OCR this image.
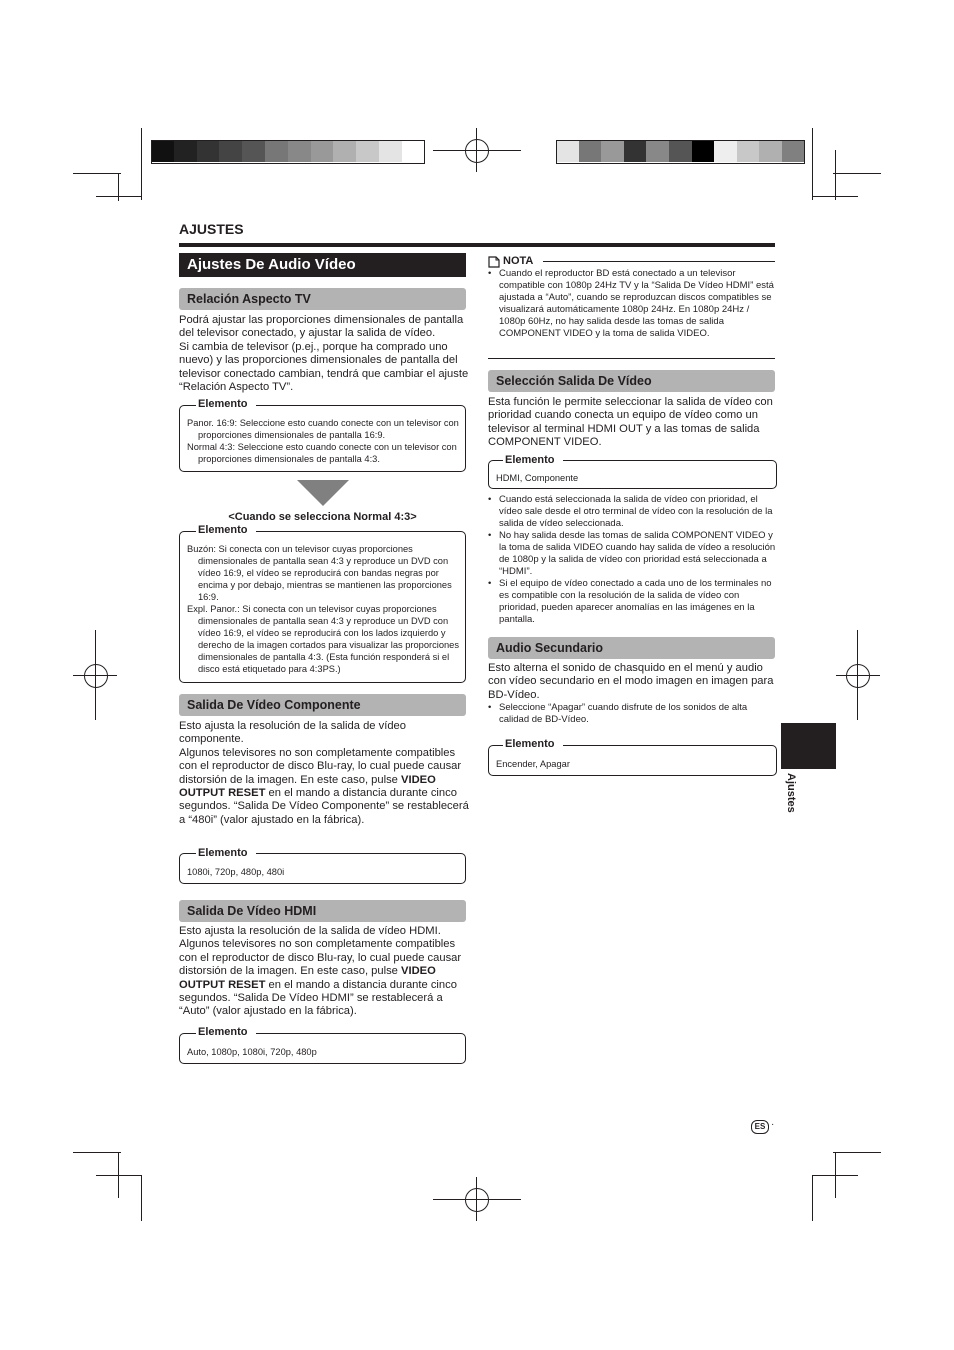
AJUSTES
Ajustes De Audio Vídeo
Relación Aspecto TV
Podrá ajustar las proporciones dimensionales de pantalla del televisor conectado, y ajustar la salida de vídeo.
Si cambia de televisor (p.ej., porque ha comprado uno nuevo) y las proporciones dimensionales de pantalla del televisor conectado cambian, tendrá que cambiar el ajuste “Relación Aspecto TV”.
Elemento
Panor. 16:9: Seleccione esto cuando conecte con un televisor con proporciones dimensionales de pantalla 16:9.
Normal 4:3: Seleccione esto cuando conecte con un televisor con proporciones dimensionales de pantalla 4:3.
<Cuando se selecciona Normal 4:3>
Elemento
Buzón: Si conecta con un televisor cuyas proporciones dimensionales de pantalla sean 4:3 y reproduce un DVD con vídeo 16:9, el vídeo se reproducirá con bandas negras por encima y por debajo, mientras se mantienen las proporciones 16:9.
Expl. Panor.: Si conecta con un televisor cuyas proporciones dimensionales de pantalla sean 4:3 y reproduce un DVD con vídeo 16:9, el vídeo se reproducirá con los lados izquierdo y derecho de la imagen cortados para visualizar las proporciones dimensionales de pantalla 4:3. (Esta función responderá si el disco está etiquetado para 4:3PS.)
Salida De Vídeo Componente
Esto ajusta la resolución de la salida de vídeo componente.
Algunos televisores no son completamente compatibles con el reproductor de disco Blu-ray, lo cual puede causar distorsión de la imagen. En este caso, pulse VIDEO OUTPUT RESET en el mando a distancia durante cinco segundos. “Salida De Vídeo Componente” se restablecerá a “480i” (valor ajustado en la fábrica).
Elemento
1080i, 720p, 480p, 480i
Salida De Vídeo HDMI
Esto ajusta la resolución de la salida de vídeo HDMI.
Algunos televisores no son completamente compatibles con el reproductor de disco Blu-ray, lo cual puede causar distorsión de la imagen. En este caso, pulse VIDEO OUTPUT RESET en el mando a distancia durante cinco segundos. “Salida De Vídeo HDMI” se restablecerá a “Auto” (valor ajustado en la fábrica).
Elemento
Auto, 1080p, 1080i, 720p, 480p
NOTA
• Cuando el reproductor BD está conectado a un televisor compatible con 1080p 24Hz TV y la “Salida De Vídeo HDMI” está ajustada a “Auto”, cuando se reproduzcan discos compatibles se visualizará automáticamente 1080p 24Hz. En 1080p 24Hz / 1080p 60Hz, no hay salida desde las tomas de salida COMPONENT VIDEO y la toma de salida VIDEO.
Selección Salida De Vídeo
Esta función le permite seleccionar la salida de vídeo con prioridad cuando conecta un equipo de vídeo como un televisor al terminal HDMI OUT y a las tomas de salida COMPONENT VIDEO.
Elemento
HDMI, Componente
• Cuando está seleccionada la salida de vídeo con prioridad, el vídeo sale desde el otro terminal de vídeo con la resolución de la salida de vídeo seleccionada.
• No hay salida desde las tomas de salida COMPONENT VIDEO y la toma de salida VIDEO cuando hay salida de vídeo a resolución de 1080p y la salida de vídeo con prioridad está seleccionada a “HDMI”.
• Si el equipo de vídeo conectado a cada uno de los terminales no es compatible con la resolución de la salida de vídeo con prioridad, pueden aparecer anomalías en las imágenes en la pantalla.
Audio Secundario
Esto alterna el sonido de chasquido en el menú y audio con vídeo secundario en el modo imagen en imagen para BD-Vídeo.
• Seleccione “Apagar” cuando disfrute de los sonidos de alta calidad de BD-Vídeo.
Elemento
Encender, Apagar
Ajustes
ES ·
